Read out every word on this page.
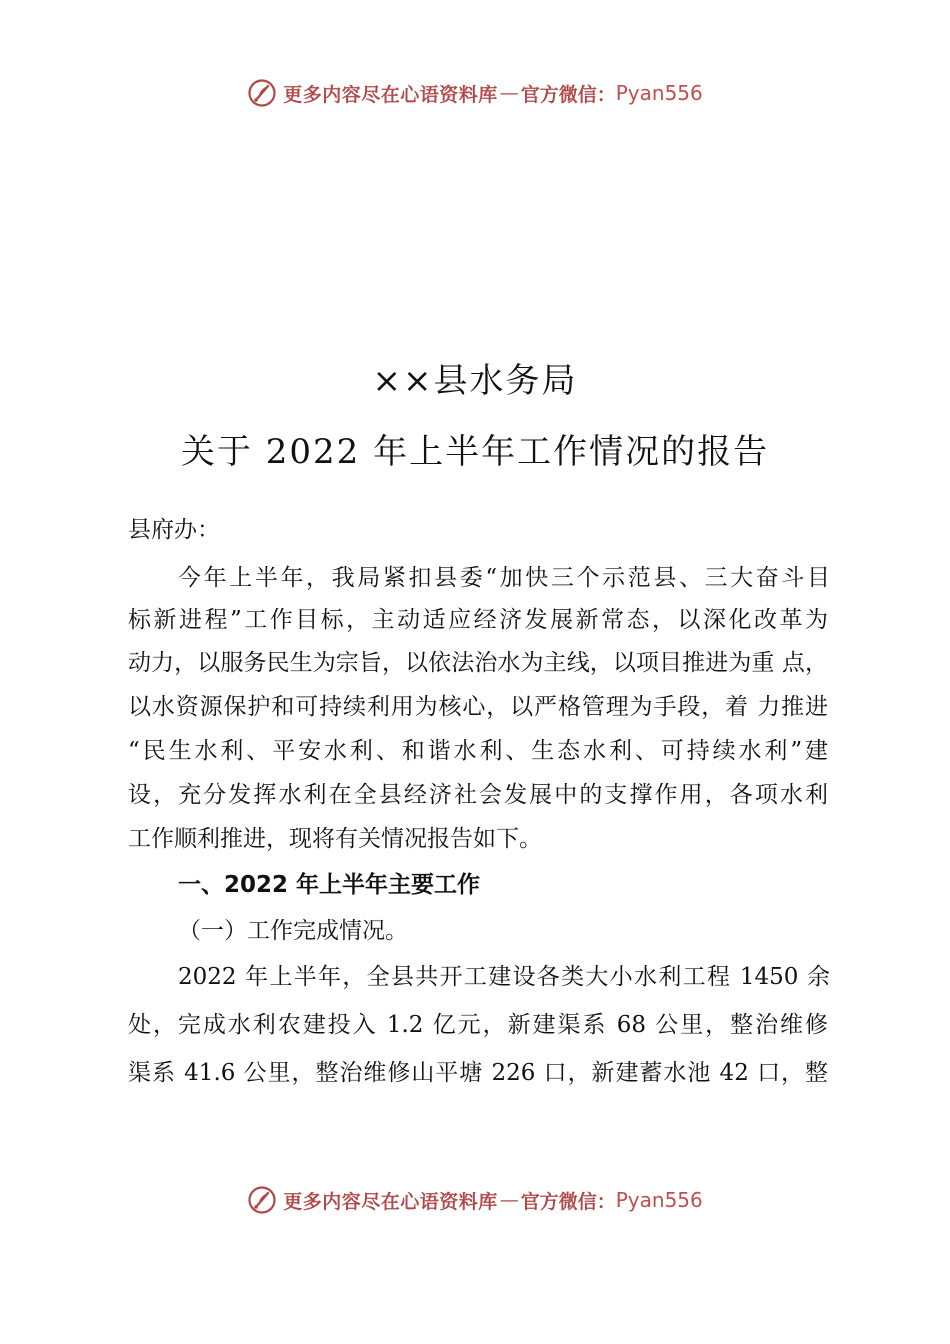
更多内容尽在心语资料库 — 官方微信： Pyan556
××县水务局
关于 2022 年上半年工作情况的报告
县府办：
今年上半年，我局紧扣县委“加快三个示范县、三大奋斗目
标新进程”工作目标，主动适应经济发展新常态，以深化改革为
动力，以服务民生为宗旨，以依法治水为主线，以项目推进为重 点，
以水资源保护和可持续利用为核心，以严格管理为手段，着 力推进
“民生水利、平安水利、和谐水利、生态水利、可持续水利”建
设，充分发挥水利在全县经济社会发展中的支撑作用，各项水利
工作顺利推进，现将有关情况报告如下。
一、2022 年上半年主要工作
（一）工作完成情况。
2022 年上半年，全县共开工建设各类大小水利工程 1450 余
处，完成水利农建投入 1.2 亿元，新建渠系 68 公里，整治维修
渠系 41.6 公里，整治维修山平塘 226 口，新建蓄水池 42 口，整
更多内容尽在心语资料库 — 官方微信： Pyan556
